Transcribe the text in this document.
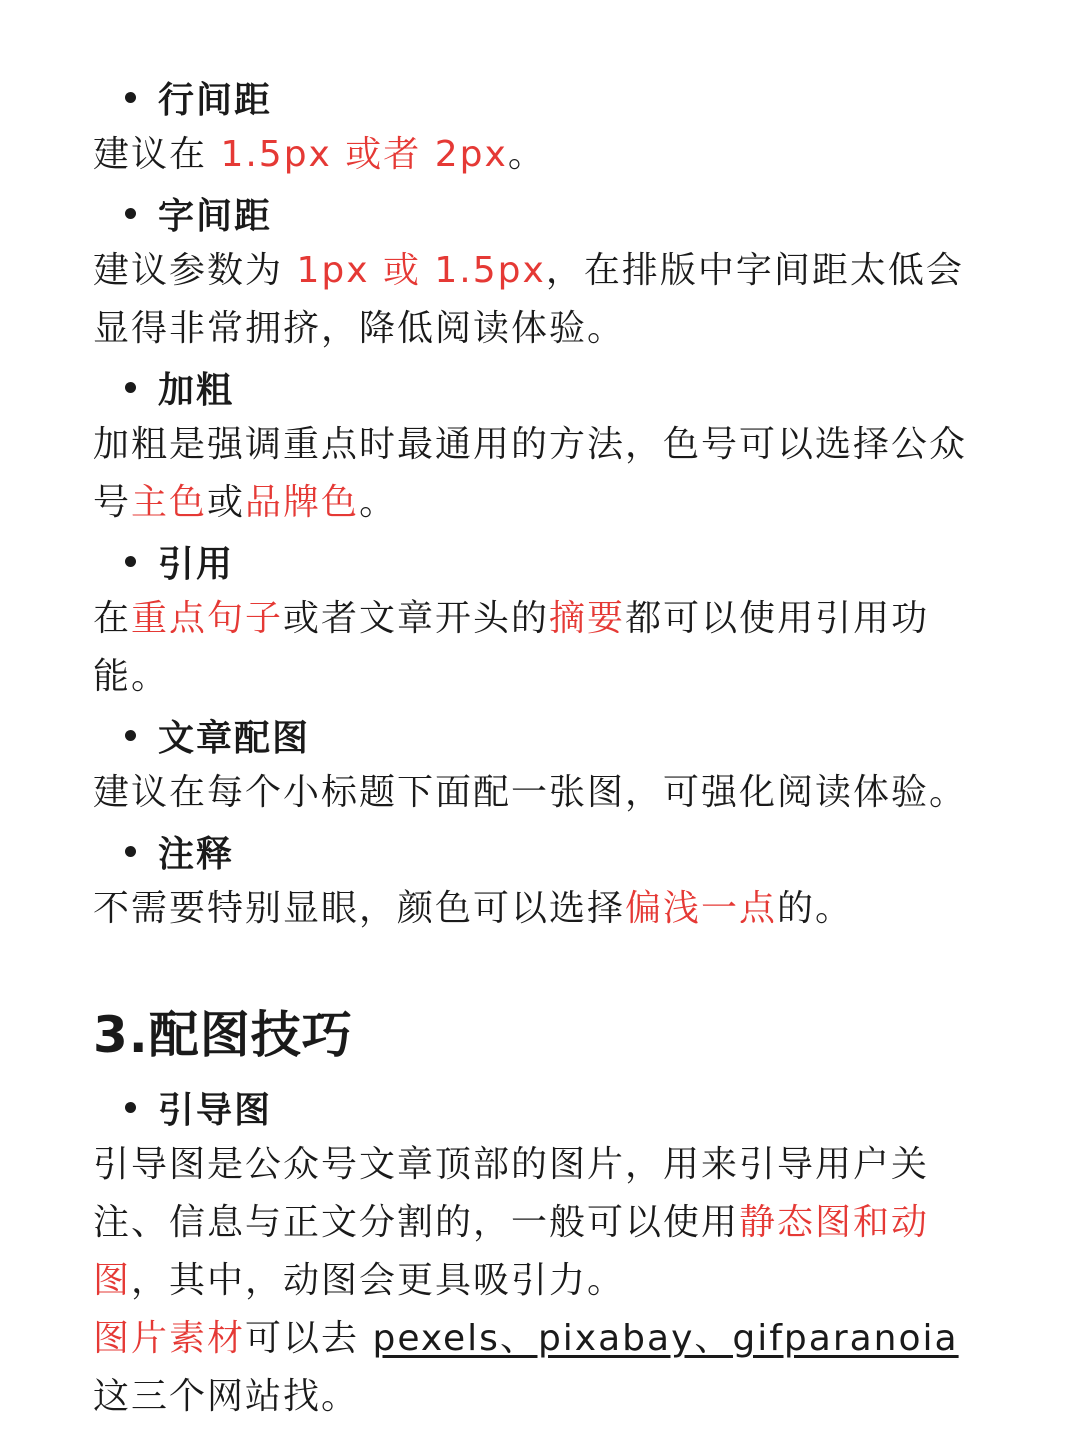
行间距

建议在 1.5px 或者 2px。

字间距

建议参数为 1px 或 1.5px，在排版中字间距太低会显得非常拥挤，降低阅读体验。

加粗

加粗是强调重点时最通用的方法，色号可以选择公众号主色或品牌色。

引用

在重点句子或者文章开头的摘要都可以使用引用功能。

文章配图

建议在每个小标题下面配一张图，可强化阅读体验。

注释

不需要特别显眼，颜色可以选择偏浅一点的。

3.配图技巧
引导图

引导图是公众号文章顶部的图片，用来引导用户关注、信息与正文分割的，一般可以使用静态图和动图，其中，动图会更具吸引力。

图片素材可以去 pexels、pixabay、gifparanoia 这三个网站找。
